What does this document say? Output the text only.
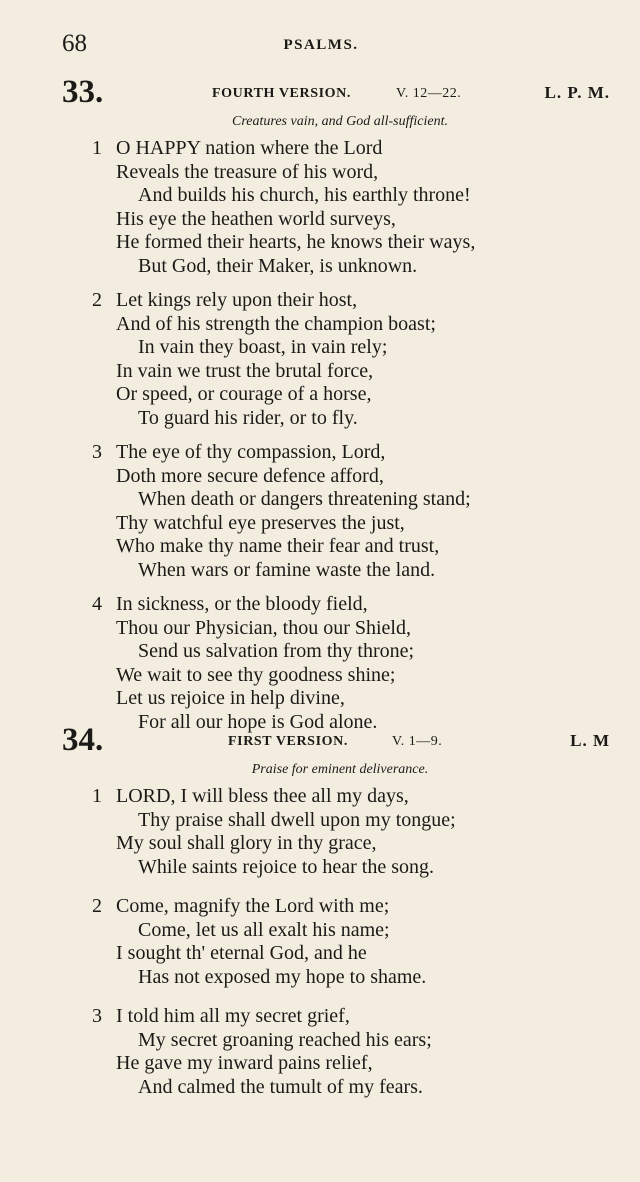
68	PSALMS.
33.	FOURTH VERSION.	V. 12—22.	L. P. M.
Creatures vain, and God all-sufficient.
1 O HAPPY nation where the Lord
Reveals the treasure of his word,
And builds his church, his earthly throne!
His eye the heathen world surveys,
He formed their hearts, he knows their ways,
But God, their Maker, is unknown.
2 Let kings rely upon their host,
And of his strength the champion boast;
In vain they boast, in vain rely;
In vain we trust the brutal force,
Or speed, or courage of a horse,
To guard his rider, or to fly.
3 The eye of thy compassion, Lord,
Doth more secure defence afford,
When death or dangers threatening stand;
Thy watchful eye preserves the just,
Who make thy name their fear and trust,
When wars or famine waste the land.
4 In sickness, or the bloody field,
Thou our Physician, thou our Shield,
Send us salvation from thy throne;
We wait to see thy goodness shine;
Let us rejoice in help divine,
For all our hope is God alone.
34.	FIRST VERSION.	V. 1—9.	L. M
Praise for eminent deliverance.
1 LORD, I will bless thee all my days,
Thy praise shall dwell upon my tongue;
My soul shall glory in thy grace,
While saints rejoice to hear the song.
2 Come, magnify the Lord with me;
Come, let us all exalt his name;
I sought th' eternal God, and he
Has not exposed my hope to shame.
3 I told him all my secret grief,
My secret groaning reached his ears;
He gave my inward pains relief,
And calmed the tumult of my fears.
